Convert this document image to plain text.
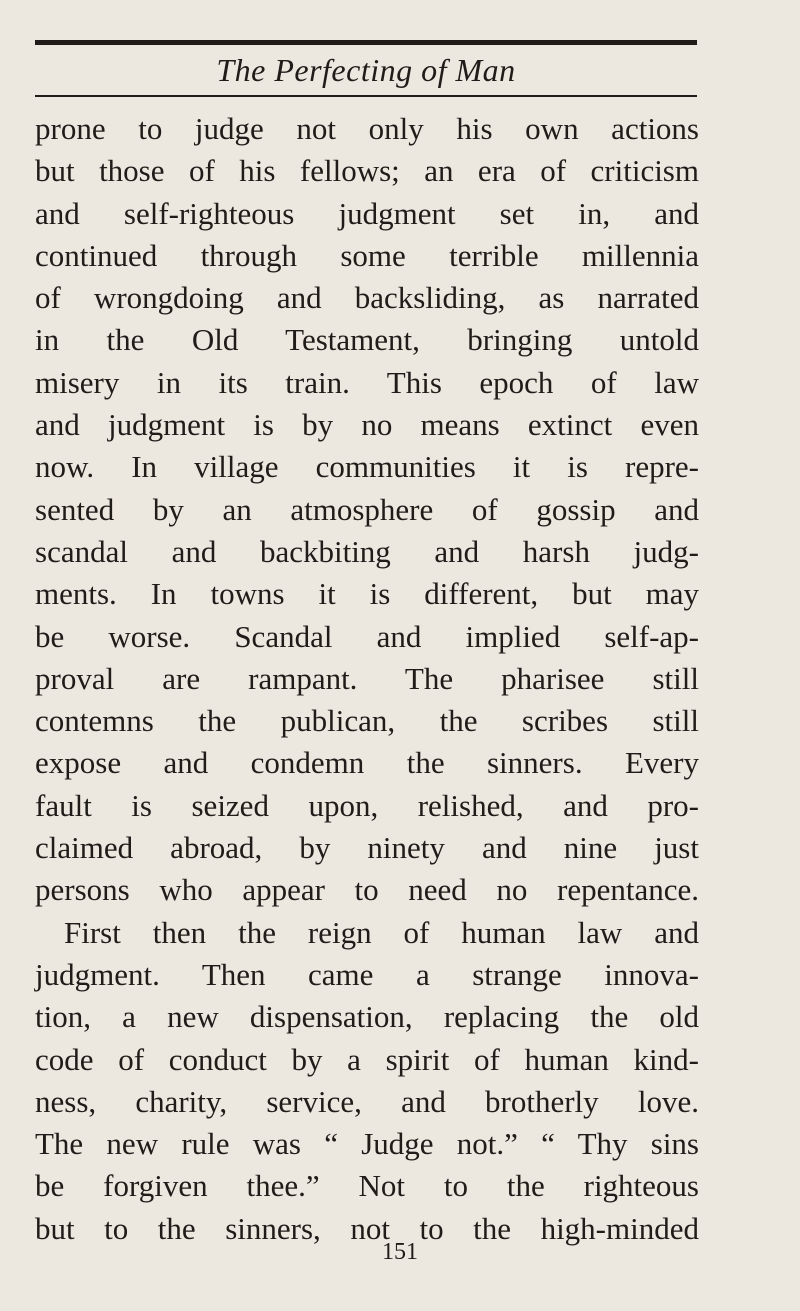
The Perfecting of Man
prone to judge not only his own actions
but those of his fellows; an era of criticism
and self-righteous judgment set in, and
continued through some terrible millennia
of wrongdoing and backsliding, as narrated
in the Old Testament, bringing untold
misery in its train. This epoch of law
and judgment is by no means extinct even
now. In village communities it is repre-
sented by an atmosphere of gossip and
scandal and backbiting and harsh judg-
ments. In towns it is different, but may
be worse. Scandal and implied self-ap-
proval are rampant. The pharisee still
contemns the publican, the scribes still
expose and condemn the sinners. Every
fault is seized upon, relished, and pro-
claimed abroad, by ninety and nine just
persons who appear to need no repentance.
First then the reign of human law and
judgment. Then came a strange innova-
tion, a new dispensation, replacing the old
code of conduct by a spirit of human kind-
ness, charity, service, and brotherly love.
The new rule was “ Judge not.” “ Thy sins
be forgiven thee.” Not to the righteous
but to the sinners, not to the high-minded
151
